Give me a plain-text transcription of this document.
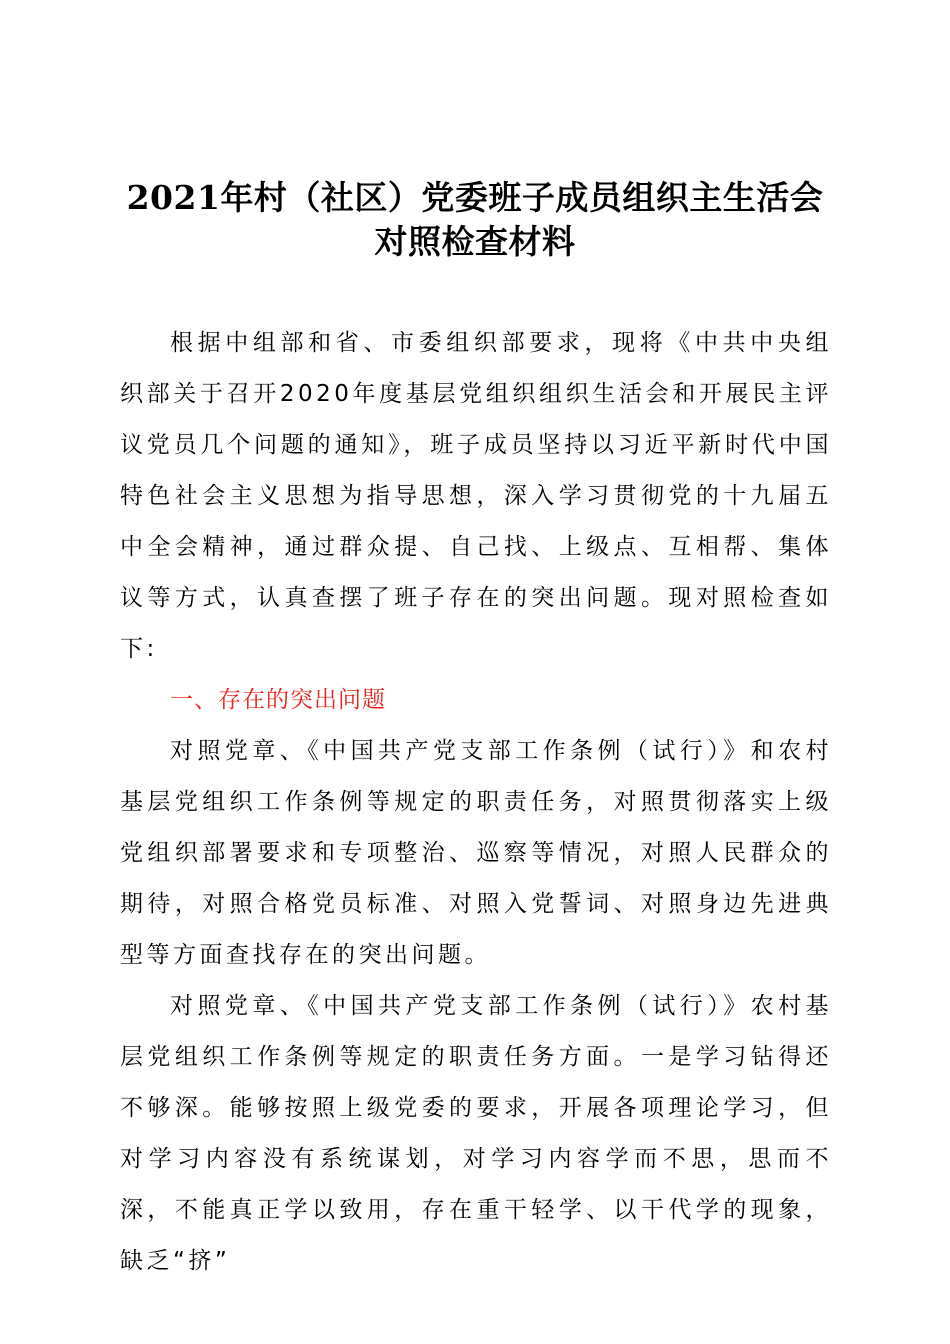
2021年村（社区）党委班子成员组织主生活会
对照检查材料

根据中组部和省、市委组织部要求，现将《中共中央组织部关于召开2020年度基层党组织组织生活会和开展民主评议党员几个问题的通知》，班子成员坚持以习近平新时代中国特色社会主义思想为指导思想，深入学习贯彻党的十九届五中全会精神，通过群众提、自己找、上级点、互相帮、集体议等方式，认真查摆了班子存在的突出问题。现对照检查如下:

一、存在的突出问题

对照党章、《中国共产党支部工作条例（试行）》和农村基层党组织工作条例等规定的职责任务，对照贯彻落实上级党组织部署要求和专项整治、巡察等情况，对照人民群众的期待，对照合格党员标准、对照入党誓词、对照身边先进典型等方面查找存在的突出问题。

对照党章、《中国共产党支部工作条例（试行）》农村基层党组织工作条例等规定的职责任务方面。一是学习钻得还不够深。能够按照上级党委的要求，开展各项理论学习，但对学习内容没有系统谋划，对学习内容学而不思，思而不深，不能真正学以致用，存在重干轻学、以干代学的现象，缺乏“挤”
